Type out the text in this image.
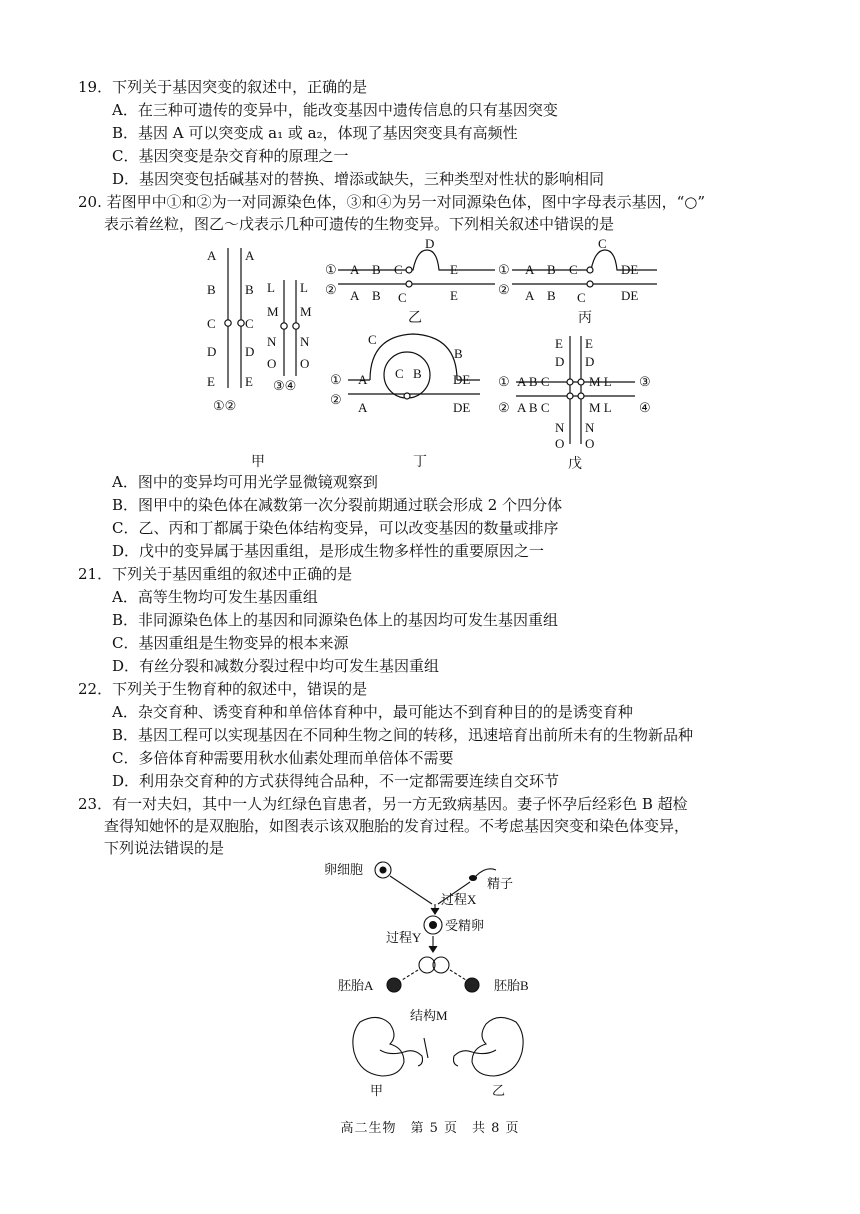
19．下列关于基因突变的叙述中，正确的是
A．在三种可遗传的变异中，能改变基因中遗传信息的只有基因突变
B．基因 A 可以突变成 a₁ 或 a₂，体现了基因突变具有高频性
C．基因突变是杂交育种的原理之一
D．基因突变包括碱基对的替换、增添或缺失，三种类型对性状的影响相同
20. 若图甲中①和②为一对同源染色体，③和④为另一对同源染色体，图中字母表示基因，“○”
表示着丝粒，图乙～戊表示几种可遗传的生物变异。下列相关叙述中错误的是
A
B
C
D
E
A
B
C
D
E
L
M
N
O
L
M
N
O
①②
③④
甲
D
①
②
A B C	E
A B C	E
乙
C
①
②
A B C	DE
A B C	DE
丙
①
②
A
C
B
DE
C B
A	DE
丁
E
D
E
D
A B C
A B C
M L
M L
①
②
③
④
N
O
N
O
戊
A．图中的变异均可用光学显微镜观察到
B．图甲中的染色体在减数第一次分裂前期通过联会形成 2 个四分体
C．乙、丙和丁都属于染色体结构变异，可以改变基因的数量或排序
D．戊中的变异属于基因重组，是形成生物多样性的重要原因之一
21．下列关于基因重组的叙述中正确的是
A．高等生物均可发生基因重组
B．非同源染色体上的基因和同源染色体上的基因均可发生基因重组
C．基因重组是生物变异的根本来源
D．有丝分裂和减数分裂过程中均可发生基因重组
22．下列关于生物育种的叙述中，错误的是
A．杂交育种、诱变育种和单倍体育种中，最可能达不到育种目的的是诱变育种
B．基因工程可以实现基因在不同种生物之间的转移，迅速培育出前所未有的生物新品种
C．多倍体育种需要用秋水仙素处理而单倍体不需要
D．利用杂交育种的方式获得纯合品种，不一定都需要连续自交环节
23．有一对夫妇，其中一人为红绿色盲患者，另一方无致病基因。妻子怀孕后经彩色 B 超检
查得知她怀的是双胞胎，如图表示该双胞胎的发育过程。不考虑基因突变和染色体变异，
下列说法错误的是
卵细胞
精子
过程X
受精卵
过程Y
胚胎A	胚胎B
结构M
甲	乙
高二生物　第 5 页　共 8 页
